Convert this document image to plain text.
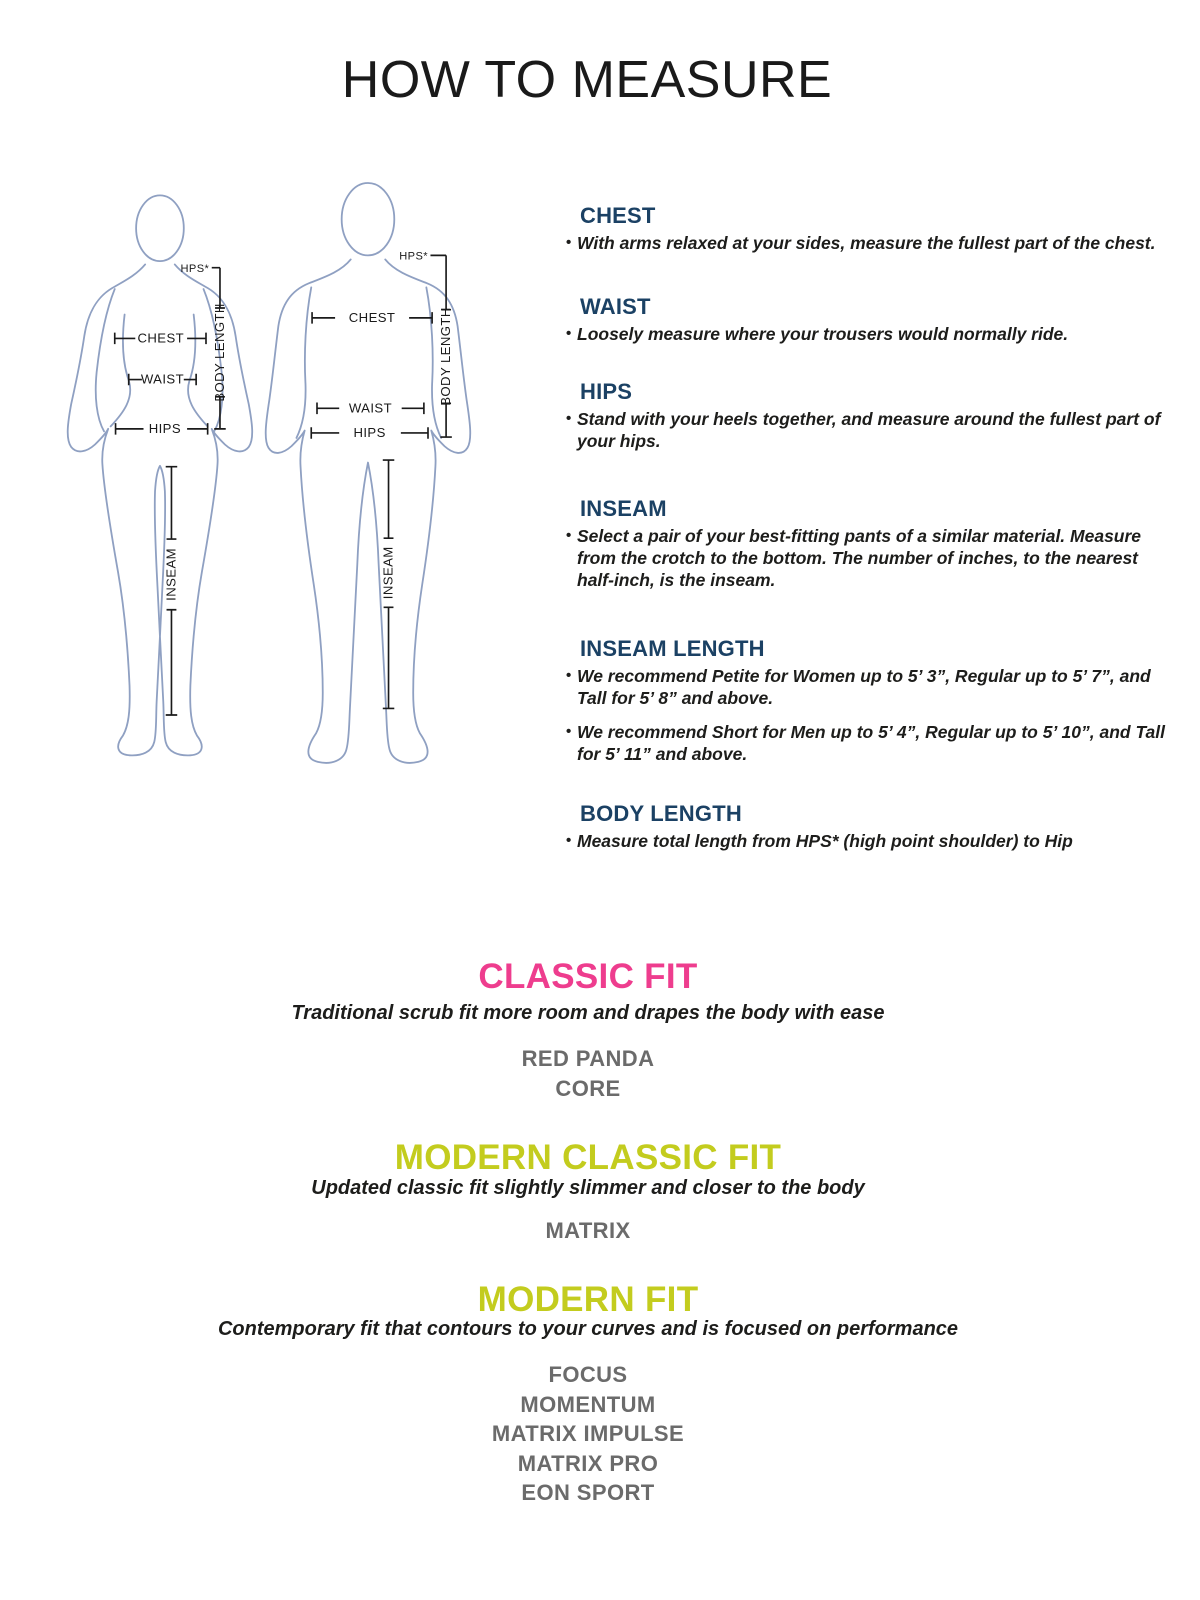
HOW TO MEASURE
HPS*
CHEST
WAIST
HIPS
INSEAM
BODY LENGTH
HPS*
CHEST
WAIST
HIPS
INSEAM
BODY LENGTH
CHEST
• With arms relaxed at your sides, measure the fullest part of the chest.
WAIST
• Loosely measure where your trousers would normally ride.
HIPS
• Stand with your heels together, and measure around the fullest part of your hips.
INSEAM
• Select a pair of your best-fitting pants of a similar material. Measure from the crotch to the bottom. The number of inches, to the nearest half-inch, is the inseam.
INSEAM LENGTH
• We recommend Petite for Women up to 5’ 3”, Regular up to 5’ 7”, and Tall for 5’ 8” and above.
• We recommend Short for Men up to 5’ 4”, Regular up to 5’ 10”, and Tall for 5’ 11” and above.
BODY LENGTH
• Measure total length from HPS* (high point shoulder) to Hip
CLASSIC FIT
Traditional scrub fit more room and drapes the body with ease
RED PANDA
CORE
MODERN CLASSIC FIT
Updated classic fit slightly slimmer and closer to the body
MATRIX
MODERN FIT
Contemporary fit that contours to your curves and is focused on performance
FOCUS
MOMENTUM
MATRIX IMPULSE
MATRIX PRO
EON SPORT
